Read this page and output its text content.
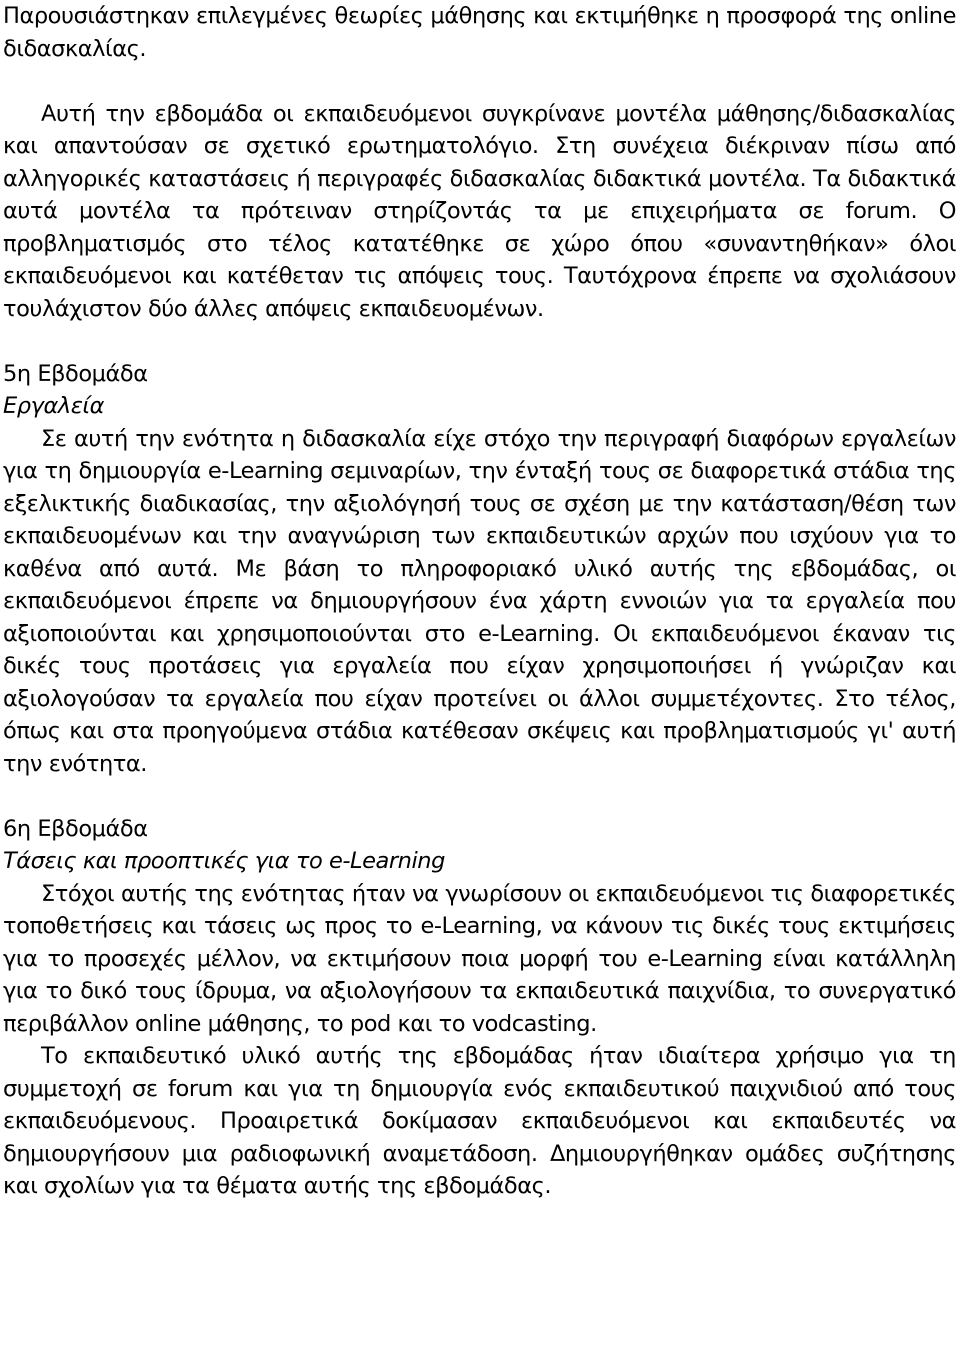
Παρουσιάστηκαν επιλεγμένες θεωρίες μάθησης και εκτιμήθηκε η προσφορά της online διδασκαλίας.

Αυτή την εβδομάδα οι εκπαιδευόμενοι συγκρίνανε μοντέλα μάθησης/διδασκαλίας και απαντούσαν σε σχετικό ερωτηματολόγιο. Στη συνέχεια διέκριναν πίσω από αλληγορικές καταστάσεις ή περιγραφές διδασκαλίας διδακτικά μοντέλα. Τα διδακτικά αυτά μοντέλα τα πρότειναν στηρίζοντάς τα με επιχειρήματα σε forum. Ο προβληματισμός στο τέλος κατατέθηκε σε χώρο όπου «συναντηθήκαν» όλοι εκπαιδευόμενοι και κατέθεταν τις απόψεις τους. Ταυτόχρονα έπρεπε να σχολιάσουν τουλάχιστον δύο άλλες απόψεις εκπαιδευομένων.

5η Εβδομάδα

Εργαλεία

Σε αυτή την ενότητα η διδασκαλία είχε στόχο την περιγραφή διαφόρων εργαλείων για τη δημιουργία e-Learning σεμιναρίων, την ένταξή τους σε διαφορετικά στάδια της εξελικτικής διαδικασίας, την αξιολόγησή τους σε σχέση με την κατάσταση/θέση των εκπαιδευομένων και την αναγνώριση των εκπαιδευτικών αρχών που ισχύουν για το καθένα από αυτά. Με βάση το πληροφοριακό υλικό αυτής της εβδομάδας, οι εκπαιδευόμενοι έπρεπε να δημιουργήσουν ένα χάρτη εννοιών για τα εργαλεία που αξιοποιούνται και χρησιμοποιούνται στο e-Learning. Οι εκπαιδευόμενοι έκαναν τις δικές τους προτάσεις για εργαλεία που είχαν χρησιμοποιήσει ή γνώριζαν και αξιολογούσαν τα εργαλεία που είχαν προτείνει οι άλλοι συμμετέχοντες. Στο τέλος, όπως και στα προηγούμενα στάδια κατέθεσαν σκέψεις και προβληματισμούς γι' αυτή την ενότητα.

6η Εβδομάδα

Τάσεις και προοπτικές για το e-Learning

Στόχοι αυτής της ενότητας ήταν να γνωρίσουν οι εκπαιδευόμενοι τις διαφορετικές τοποθετήσεις και τάσεις ως προς το e-Learning, να κάνουν τις δικές τους εκτιμήσεις για το προσεχές μέλλον, να εκτιμήσουν ποια μορφή του e-Learning είναι κατάλληλη για το δικό τους ίδρυμα, να αξιολογήσουν τα εκπαιδευτικά παιχνίδια, το συνεργατικό περιβάλλον online μάθησης, το pod και το vodcasting.

Το εκπαιδευτικό υλικό αυτής της εβδομάδας ήταν ιδιαίτερα χρήσιμο για τη συμμετοχή σε forum και για τη δημιουργία ενός εκπαιδευτικού παιχνιδιού από τους εκπαιδευόμενους. Προαιρετικά δοκίμασαν εκπαιδευόμενοι και εκπαιδευτές να δημιουργήσουν μια ραδιοφωνική αναμετάδοση. Δημιουργήθηκαν ομάδες συζήτησης και σχολίων για τα θέματα αυτής της εβδομάδας.
